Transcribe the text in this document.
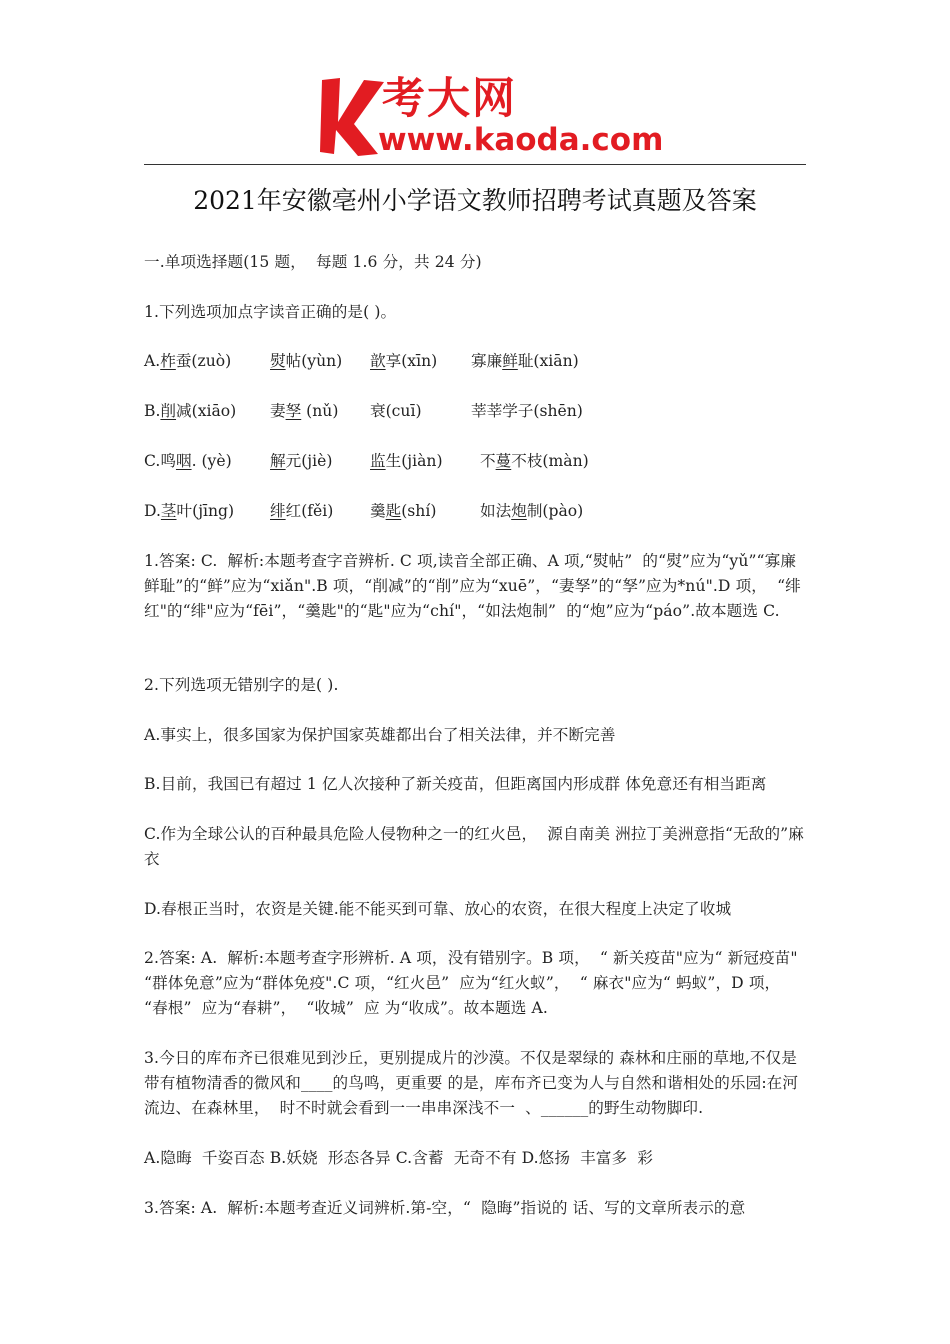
考大网
www.kaoda.com
2021年安徽亳州小学语文教师招聘考试真题及答案
一.单项选择题(15 题，  每题 1.6 分，共 24 分)
1.下列选项加点字读音正确的是( )。
A.柞蚕(zuò) 熨帖(yùn) 歆享(xīn) 寡廉鲜耻(xiān)
B.削减(xiāo) 妻孥 (nǔ) 衰(cuī)	莘莘学子(shēn)
C.鸣咽. (yè) 解元(jiè) 监生(jiàn) 不蔓不枝(màn)
D.茎叶(jīng) 绯红(fěi) 羹匙(shí)	如法炮制(pào)
1.答案: C.  解析:本题考查字音辨析. C 项,读音全部正确、A 项,“熨帖”  的“熨”应为“yǔ”“寡廉鲜耻”的“鲜”应为“xiǎn".B 项，“削减”的“削”应为“xuē”，“妻孥”的“孥”应为*nú".D 项，  “绯红"的“绯"应为“fēi”，“羹匙"的“匙"应为“chí"，“如法炮制”  的“炮”应为“páo”.故本题选 C.
2.下列选项无错别字的是( ).
A.事实上，很多国家为保护国家英雄都出台了相关法律，并不断完善
B.目前，我国已有超过 1 亿人次接种了新关疫苗，但距离国内形成群 体免意还有相当距离
C.作为全球公认的百种最具危险人侵物种之一的红火邑，  源自南美 洲拉丁美洲意指“无敌的”麻衣
D.春根正当时，农资是关键.能不能买到可靠、放心的农资，在很大程度上决定了收城
2.答案: A.  解析:本题考查字形辨析. A 项，没有错别字。B 项，  “ 新关疫苗"应为“ 新冠疫苗" “群体免意”应为“群体免疫".C 项，“红火邑”  应为“红火蚁”，  “ 麻衣"应为“ 蚂蚁”，D 项，  “春根”  应为“春耕”，  “收城”  应 为“收成”。故本题选 A.
3.今日的库布齐已很难见到沙丘，更别提成片的沙漠。不仅是翠绿的 森林和庄丽的草地,不仅是带有植物清香的微风和____的鸟鸣，更重要 的是，库布齐已变为人与自然和谐相处的乐园:在河流边、在森林里，  时不时就会看到一一串串深浅不一  、______的野生动物脚印.
A.隐晦  千姿百态 B.妖娆  形态各异 C.含蓄  无奇不有 D.悠扬  丰富多  彩
3.答案: A.  解析:本题考查近义词辨析.第-空，“  隐晦”指说的 话、写的文章所表示的意
